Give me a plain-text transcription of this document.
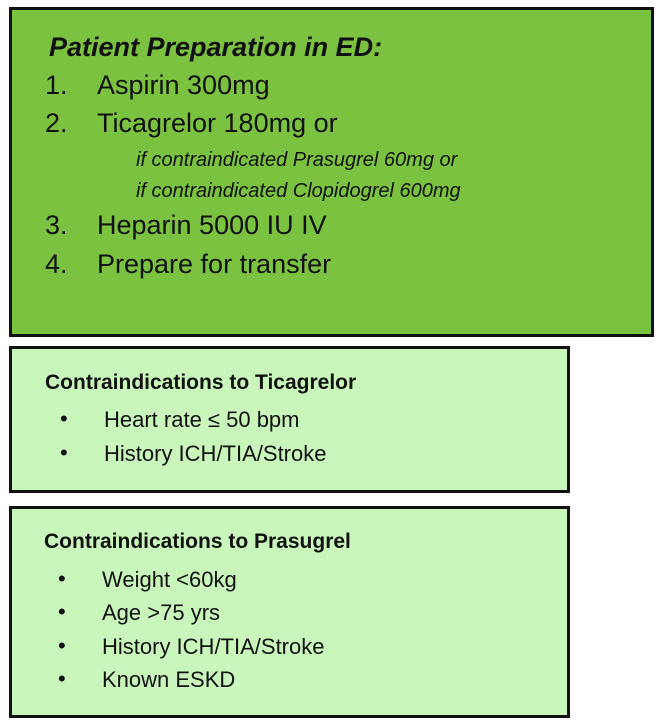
Patient Preparation in ED:
1. Aspirin 300mg
2. Ticagrelor 180mg or
if contraindicated Prasugrel 60mg or
if contraindicated Clopidogrel 600mg
3. Heparin 5000 IU IV
4. Prepare for transfer
Contraindications to Ticagrelor
• Heart rate ≤ 50 bpm
• History ICH/TIA/Stroke
Contraindications to Prasugrel
• Weight <60kg
• Age >75 yrs
• History ICH/TIA/Stroke
• Known ESKD
